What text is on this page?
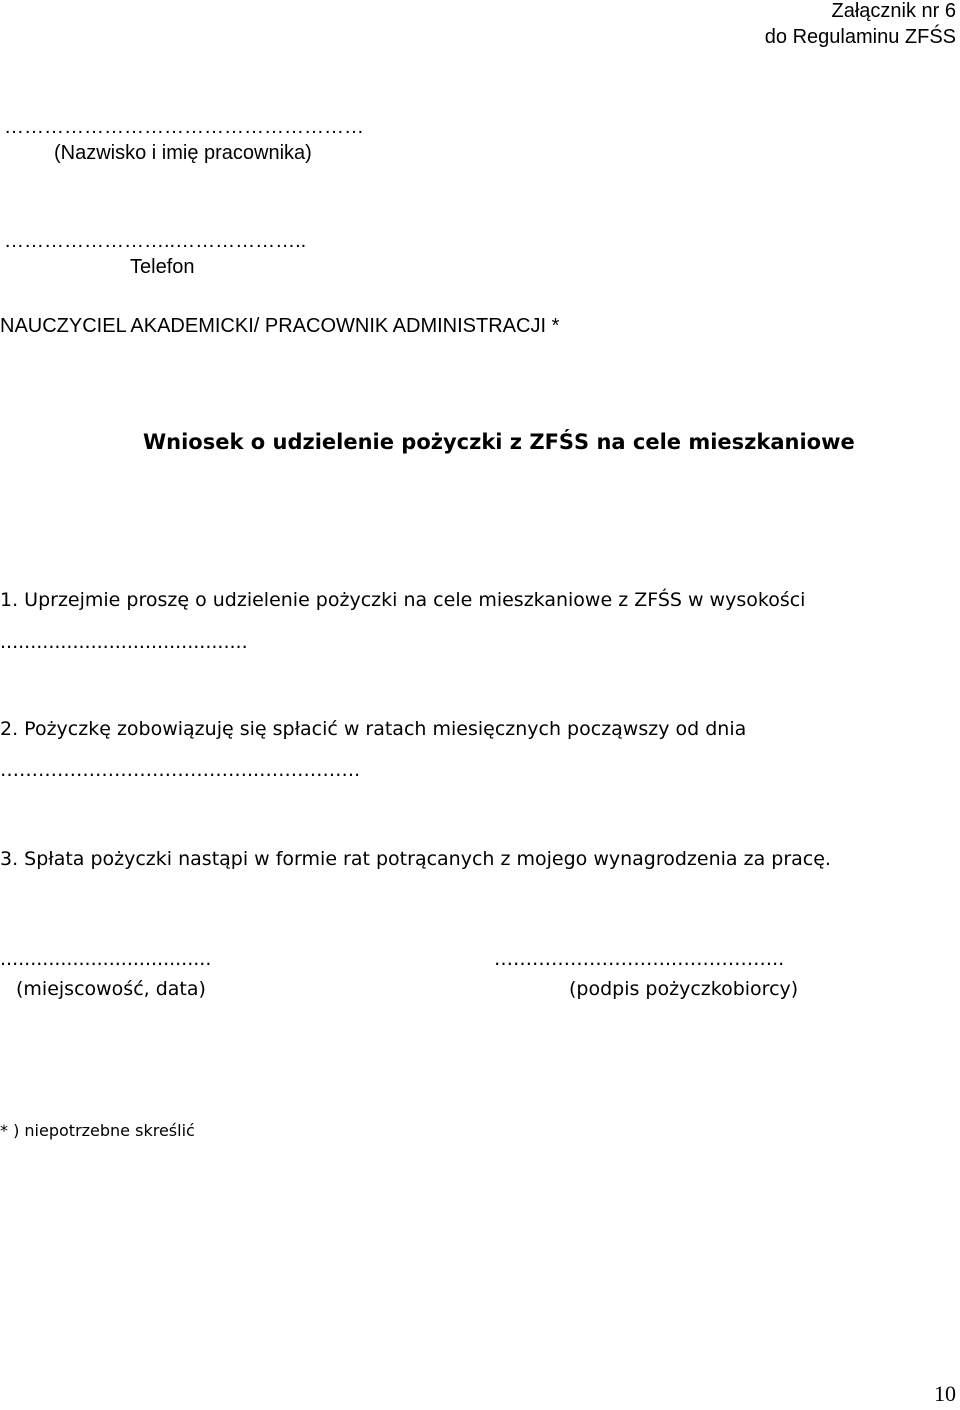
Załącznik nr 6
do Regulaminu ZFŚS
………………………………………………
(Nazwisko i imię pracownika)
……………………..………………..
Telefon
NAUCZYCIEL AKADEMICKI/ PRACOWNIK ADMINISTRACJI *
Wniosek o udzielenie pożyczki z ZFŚS na cele mieszkaniowe
1. Uprzejmie proszę o udzielenie pożyczki na cele mieszkaniowe z ZFŚS w wysokości
.........................................
2. Pożyczkę zobowiązuję się spłacić w ratach miesięcznych począwszy od dnia
…………………………………..…………….
3. Spłata pożyczki nastąpi w formie rat potrącanych z mojego wynagrodzenia za pracę.
...................................
(miejscowość, data)
………………………..……………..
(podpis pożyczkobiorcy)
* ) niepotrzebne skreślić
10
